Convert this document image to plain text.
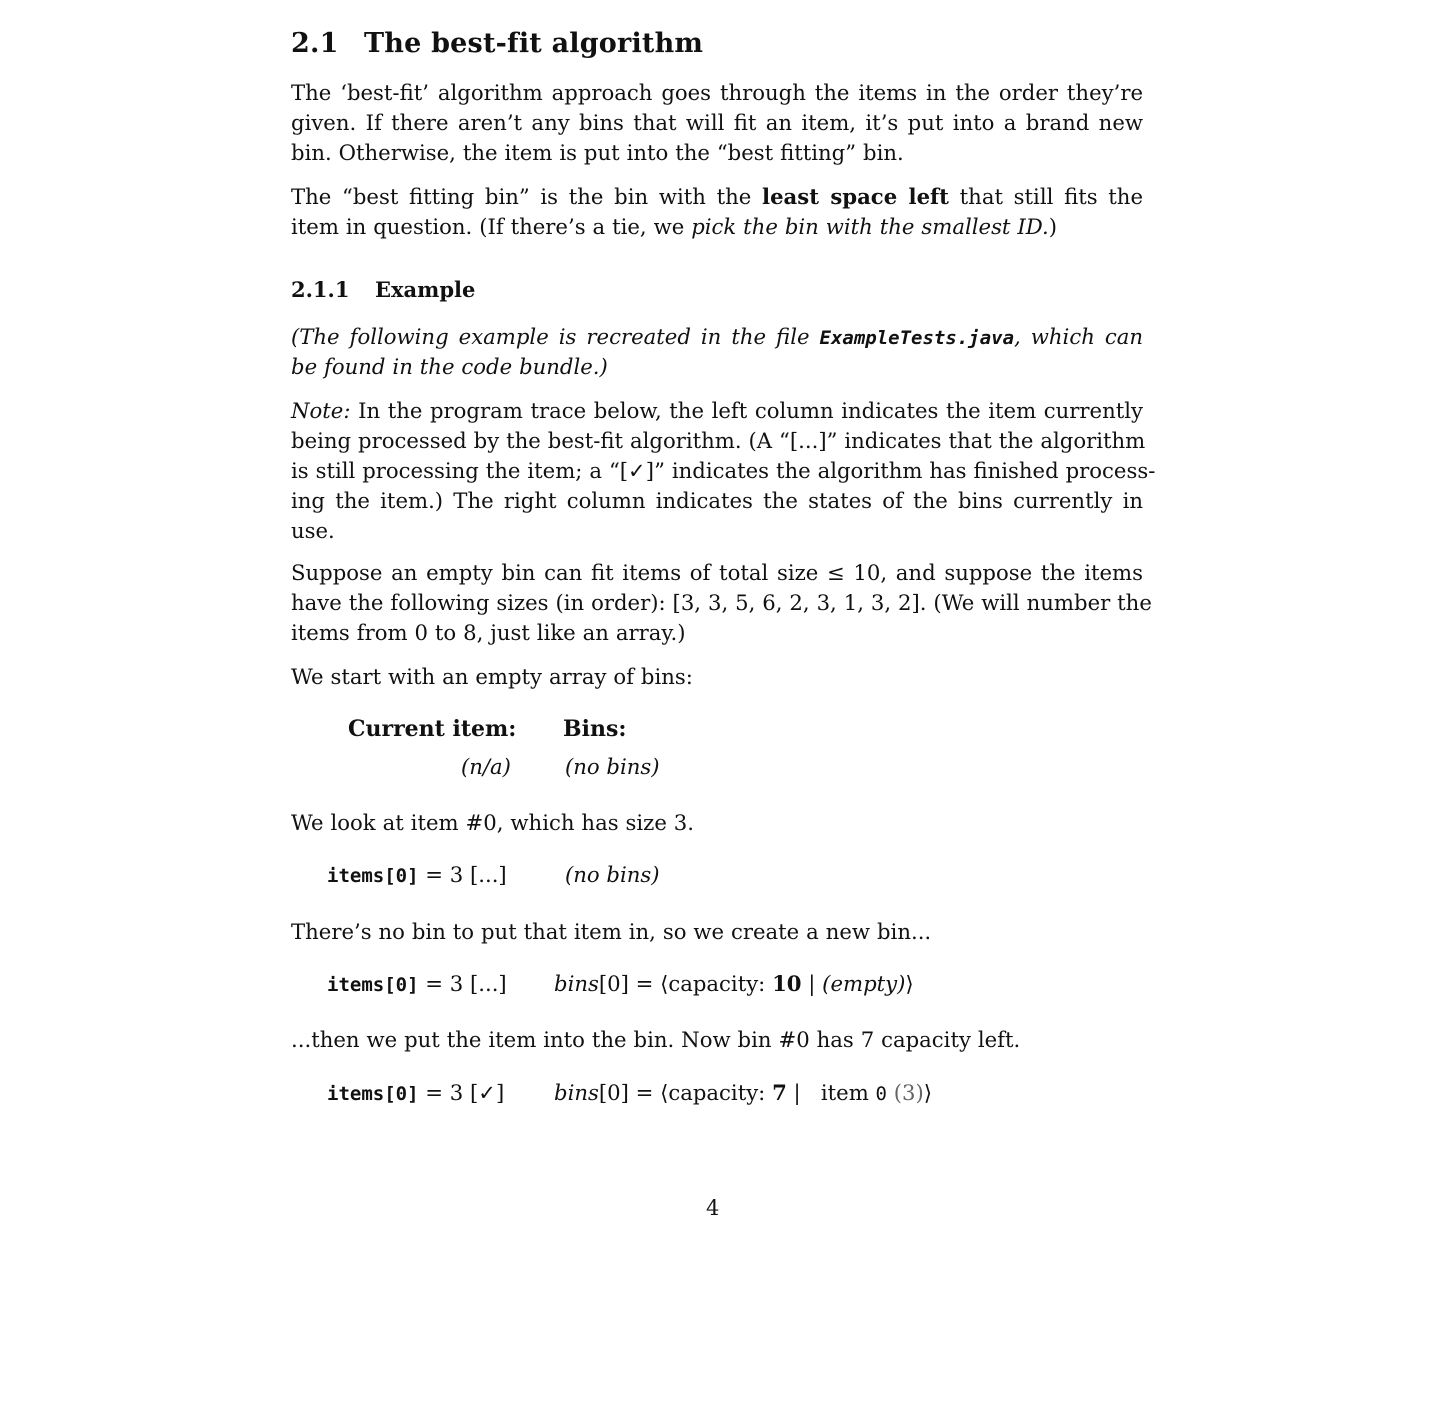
2.1 The best-fit algorithm
The ‘best-fit’ algorithm approach goes through the items in the order they’re
given. If there aren’t any bins that will fit an item, it’s put into a brand new
bin. Otherwise, the item is put into the “best fitting” bin.
The “best fitting bin” is the bin with the least space left that still fits the
item in question. (If there’s a tie, we pick the bin with the smallest ID.)
2.1.1 Example
(The following example is recreated in the file ExampleTests.java, which can
be found in the code bundle.)
Note: In the program trace below, the left column indicates the item currently
being processed by the best-fit algorithm. (A “[...]” indicates that the algorithm
is still processing the item; a “[✓]” indicates the algorithm has finished process-
ing the item.) The right column indicates the states of the bins currently in
use.
Suppose an empty bin can fit items of total size ≤ 10, and suppose the items
have the following sizes (in order): [3, 3, 5, 6, 2, 3, 1, 3, 2]. (We will number the
items from 0 to 8, just like an array.)
We start with an empty array of bins:
Current item: Bins:
(n/a)	(no bins)
We look at item #0, which has size 3.
items[0] = 3 [...]	(no bins)
There’s no bin to put that item in, so we create a new bin...
items[0] = 3 [...] bins[0] = ⟨capacity: 10 | (empty)⟩
...then we put the item into the bin. Now bin #0 has 7 capacity left.
items[0] = 3 [✓] bins[0] = ⟨capacity: 7 |   item 0 (3)⟩
4
